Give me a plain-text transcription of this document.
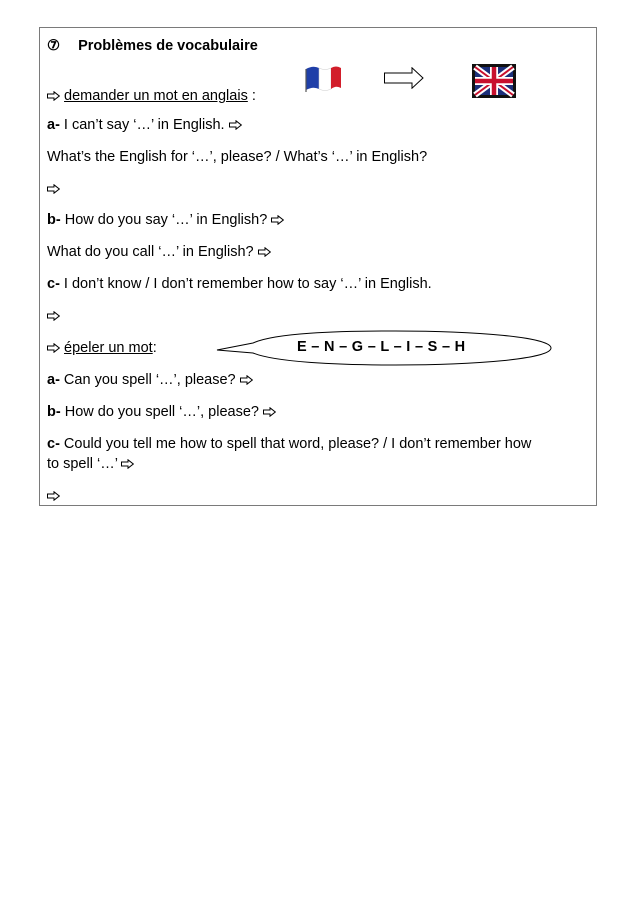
⑦ Problèmes de vocabulaire
demander un mot en anglais :
a- I can’t say ‘…’ in English.
What’s the English for ‘…’, please? / What’s ‘…’ in English?
b- How do you say ‘…’ in English?
What do you call ‘…’ in English?
c- I don’t know / I don’t remember how to say ‘…’ in English.
épeler un mot:	E – N – G – L – I – S – H
a- Can you spell ‘…’, please?
b- How do you spell ‘…’, please?
c- Could you tell me how to spell that word, please? / I don’t remember how
to spell ‘…’
